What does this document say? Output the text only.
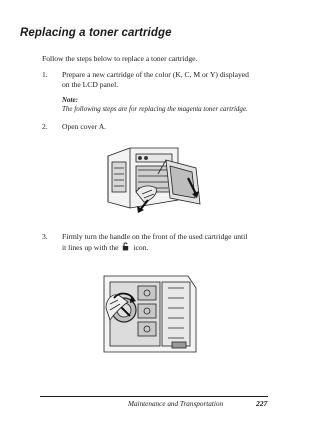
Replacing a toner cartridge
Follow the steps below to replace a toner cartridge.
1. Prepare a new cartridge of the color (K, C, M or Y) displayed
on the LCD panel.
Note:
The following steps are for replacing the magenta toner cartridge.
2. Open cover A.
3. Firmly turn the handle on the front of the used cartridge until
it lines up with the icon.
Maintenance and Transportation	227
